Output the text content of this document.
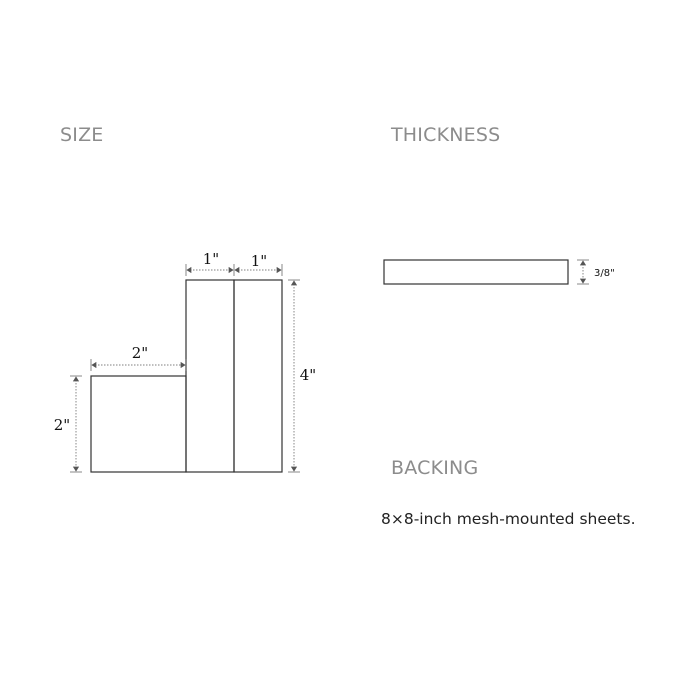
SIZE	THICKNESS
BACKING

8×8-inch mesh-mounted sheets.

1" 1"
2"
2"
4"
3/8"
